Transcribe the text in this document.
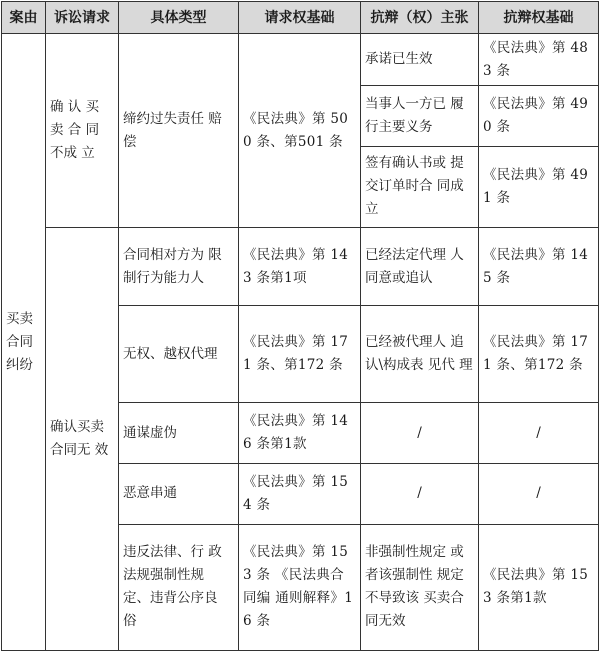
案由	诉讼请求	具体类型	请求权基础	抗辩（权）主张	抗辩权基础
买卖合同纠纷	确 认 买 卖 合 同 不成 立	缔约过失责任 赔 偿	《民法典》第 500 条、第501 条	承诺已生效	《民法典》第 483 条
				当事人一方已 履 行主要义务	《民法典》第 490 条
				签有确认书或 提 交订单时合 同成 立	《民法典》第 491 条
	确认买卖 合同无 效	合同相对方为 限 制行为能力人	《民法典》第 143 条第1项	已经法定代理 人 同意或追认	《民法典》第 145 条
		无权、越权代理	《民法典》第 171 条、第172 条	已经被代理人 追 认\构成表 见代 理	《民法典》第 171 条、第172 条
		通谋虚伪	《民法典》第 146 条第1款	/	/
		恶意串通	《民法典》第 154 条	/	/
		违反法律、行 政 法规强制性规 定、违背公序良 俗	《民法典》第 153 条 《民法典合同编 通则解释》16 条	非强制性规定 或 者该强制性 规定 不导致该 买卖合 同无效	《民法典》第 153 条第1款
